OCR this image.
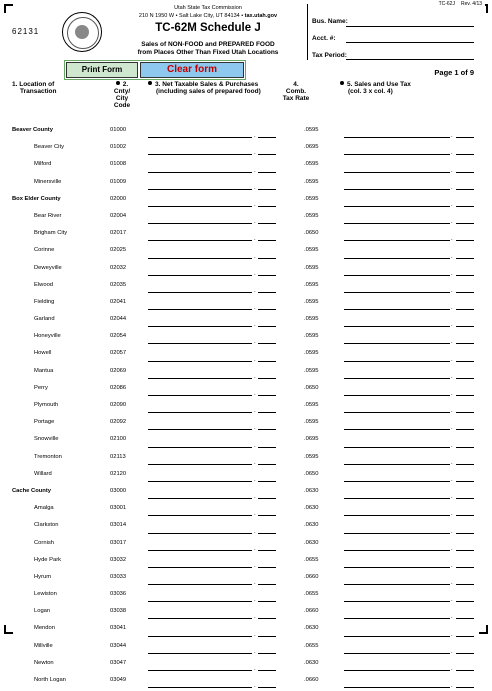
TC-62J Rev. 4/13
62131
Utah State Tax Commission
210 N 1950 W • Salt Lake City, UT 84134 • tax.utah.gov
TC-62M Schedule J
Sales of NON-FOOD and PREPARED FOOD
from Places Other Than Fixed Utah Locations
Bus. Name:
Acct. #:
Tax Period:
Print Form	Clear form	Page 1 of 9
1. Location of
Transaction
2.
Cnty/
City
Code
3. Net Taxable Sales & Purchases
(including sales of prepared food)
4.
Comb.
Tax Rate
5. Sales and Use Tax
(col. 3 x col. 4)
Beaver County	01000	.0595
.	.
Beaver City	01002	.0695
.	.
Milford	01008	.0595
.	.
Minersville	01009	.0595
.	.
Box Elder County	02000	.0595
.	.
Bear River	02004	.0595
.	.
Brigham City	02017	.0650
.	.
Corinne	02025	.0595
.	.
Deweyville	02032	.0595
.	.
Elwood	02035	.0595
.	.
Fielding	02041	.0595
.	.
Garland	02044	.0595
.	.
Honeyville	02054	.0595
.	.
Howell	02057	.0595
.	.
Mantua	02069	.0595
.	.
Perry	02086	.0650
.	.
Plymouth	02090	.0595
.	.
Portage	02092	.0595
.	.
Snowville	02100	.0695
.	.
Tremonton	02113	.0595
.	.
Willard	02120	.0650
.	.
Cache County	03000	.0630
.	.
Amalga	03001	.0630
.	.
Clarkston	03014	.0630
.	.
Cornish	03017	.0630
.	.
Hyde Park	03032	.0655
.	.
Hyrum	03033	.0660
.	.
Lewiston	03036	.0655
.	.
Logan	03038	.0660
.	.
Mendon	03041	.0630
.	.
Millville	03044	.0655
.	.
Newton	03047	.0630
.	.
North Logan	03049	.0660
.	.
